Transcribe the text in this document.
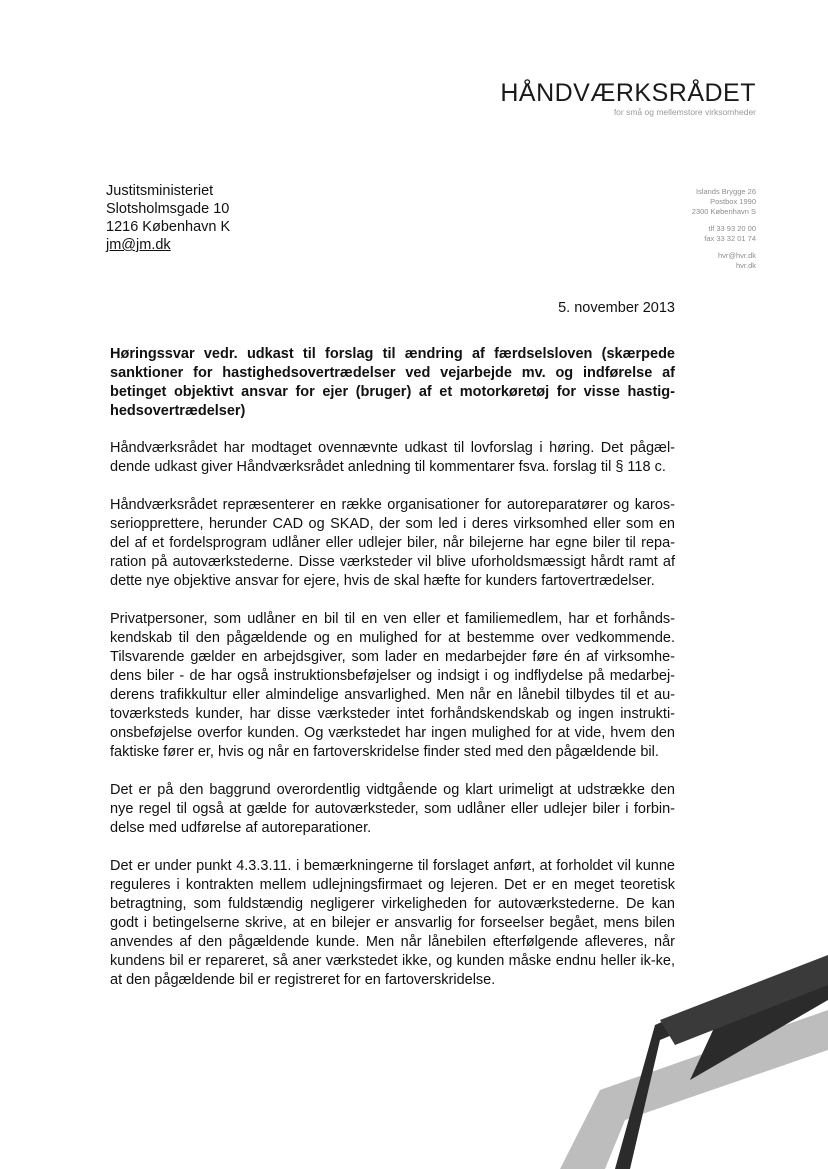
HÅNDVÆRKSRÅDET
for små og mellemstore virksomheder
Justitsministeriet
Slotsholmsgade 10
1216 København K
jm@jm.dk
Islands Brygge 26
Postbox 1990
2300 København S
tlf 33 93 20 00
fax 33 32 01 74
hvr@hvr.dk
hvr.dk
5. november 2013

Høringssvar vedr. udkast til forslag til ændring af færdselsloven (skærpede sanktioner for hastighedsovertrædelser ved vejarbejde mv. og indførelse af betinget objektivt ansvar for ejer (bruger) af et motorkøretøj for visse hastig-hedsovertrædelser)

Håndværksrådet har modtaget ovennævnte udkast til lovforslag i høring. Det pågæl-dende udkast giver Håndværksrådet anledning til kommentarer fsva. forslag til § 118 c.

Håndværksrådet repræsenterer en række organisationer for autoreparatører og karos-seriopprettere, herunder CAD og SKAD, der som led i deres virksomhed eller som en del af et fordelsprogram udlåner eller udlejer biler, når bilejerne har egne biler til repa-ration på autoværkstederne. Disse værksteder vil blive uforholdsmæssigt hårdt ramt af dette nye objektive ansvar for ejere, hvis de skal hæfte for kunders fartovertrædelser.

Privatpersoner, som udlåner en bil til en ven eller et familiemedlem, har et forhånds-kendskab til den pågældende og en mulighed for at bestemme over vedkommende. Tilsvarende gælder en arbejdsgiver, som lader en medarbejder føre én af virksomhe-dens biler - de har også instruktionsbeføjelser og indsigt i og indflydelse på medarbej-derens trafikkultur eller almindelige ansvarlighed. Men når en lånebil tilbydes til et au-toværksteds kunder, har disse værksteder intet forhåndskendskab og ingen instrukti-onsbeføjelse overfor kunden. Og værkstedet har ingen mulighed for at vide, hvem den faktiske fører er, hvis og når en fartoverskridelse finder sted med den pågældende bil.

Det er på den baggrund overordentlig vidtgående og klart urimeligt at udstrække den nye regel til også at gælde for autoværksteder, som udlåner eller udlejer biler i forbin-delse med udførelse af autoreparationer.

Det er under punkt 4.3.3.11. i bemærkningerne til forslaget anført, at forholdet vil kunne reguleres i kontrakten mellem udlejningsfirmaet og lejeren. Det er en meget teoretisk betragtning, som fuldstændig negligerer virkeligheden for autoværkstederne. De kan godt i betingelserne skrive, at en bilejer er ansvarlig for forseelser begået, mens bilen anvendes af den pågældende kunde. Men når lånebilen efterfølgende afleveres, når kundens bil er repareret, så aner værkstedet ikke, og kunden måske endnu heller ik-ke, at den pågældende bil er registreret for en fartoverskridelse.
